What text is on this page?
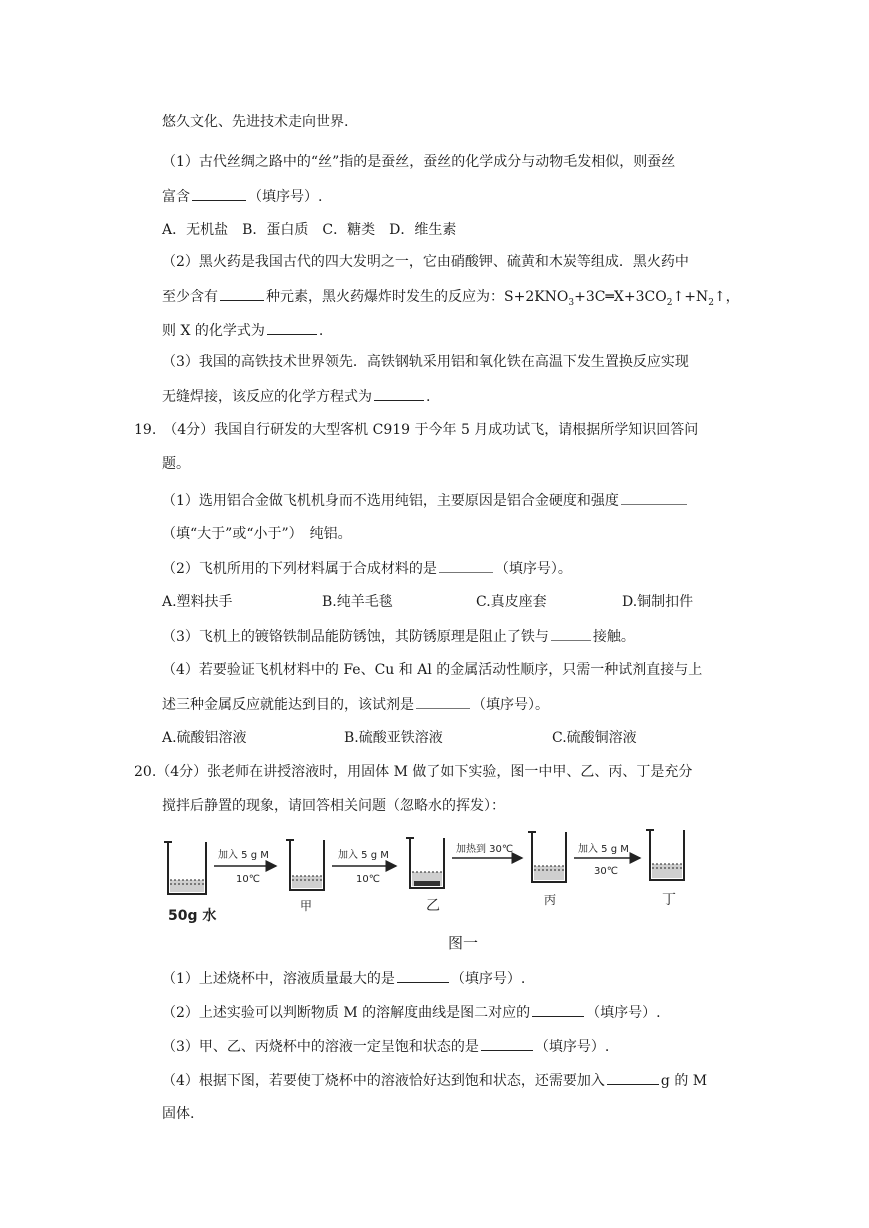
悠久文化、先进技术走向世界.
（1）古代丝绸之路中的“丝”指的是蚕丝，蚕丝的化学成分与动物毛发相似，则蚕丝
富含	（填序号）.
A．无机盐　B．蛋白质　C．糖类　D．维生素
（2）黑火药是我国古代的四大发明之一，它由硝酸钾、硫黄和木炭等组成．黑火药中
至少含有	种元素，黑火药爆炸时发生的反应为：$S+2KNO_3+3C═X+3CO_2↑+N_2↑$，
则 X 的化学式为	.
（3）我国的高铁技术世界领先．高铁钢轨采用铝和氧化铁在高温下发生置换反应实现
无缝焊接，该反应的化学方程式为	.
19.　（4分）我国自行研发的大型客机 C919 于今年 5 月成功试飞，请根据所学知识回答问
题。
（1）选用铝合金做飞机机身而不选用纯铝，主要原因是铝合金硬度和强度
（填“大于”或“小于”）　纯铝。
（2）飞机所用的下列材料属于合成材料的是	（填序号）。
A.塑料扶手	B.纯羊毛毯	C.真皮座套	D.铜制扣件
（3）飞机上的镀铬铁制品能防锈蚀，其防锈原理是阻止了铁与	接触。
（4）若要验证飞机材料中的 Fe、Cu 和 Al 的金属活动性顺序，只需一种试剂直接与上
述三种金属反应就能达到目的，该试剂是	（填序号）。
A.硫酸铝溶液	B.硫酸亚铁溶液	C.硫酸铜溶液
20.（4分）张老师在讲授溶液时，用固体 M 做了如下实验，图一中甲、乙、丙、丁是充分
搅拌后静置的现象，请回答相关问题（忽略水的挥发）：
50g 水
加入 5 g M
10℃
甲
加入 5 g M
10℃
乙
加热到 30℃
丙
加入 5 g M
30℃
丁
图一
（1）上述烧杯中，溶液质量最大的是	（填序号）.
（2）上述实验可以判断物质 M 的溶解度曲线是图二对应的	（填序号）.
（3）甲、乙、丙烧杯中的溶液一定呈饱和状态的是	（填序号）.
（4）根据下图，若要使丁烧杯中的溶液恰好达到饱和状态，还需要加入	g 的 M
固体.
